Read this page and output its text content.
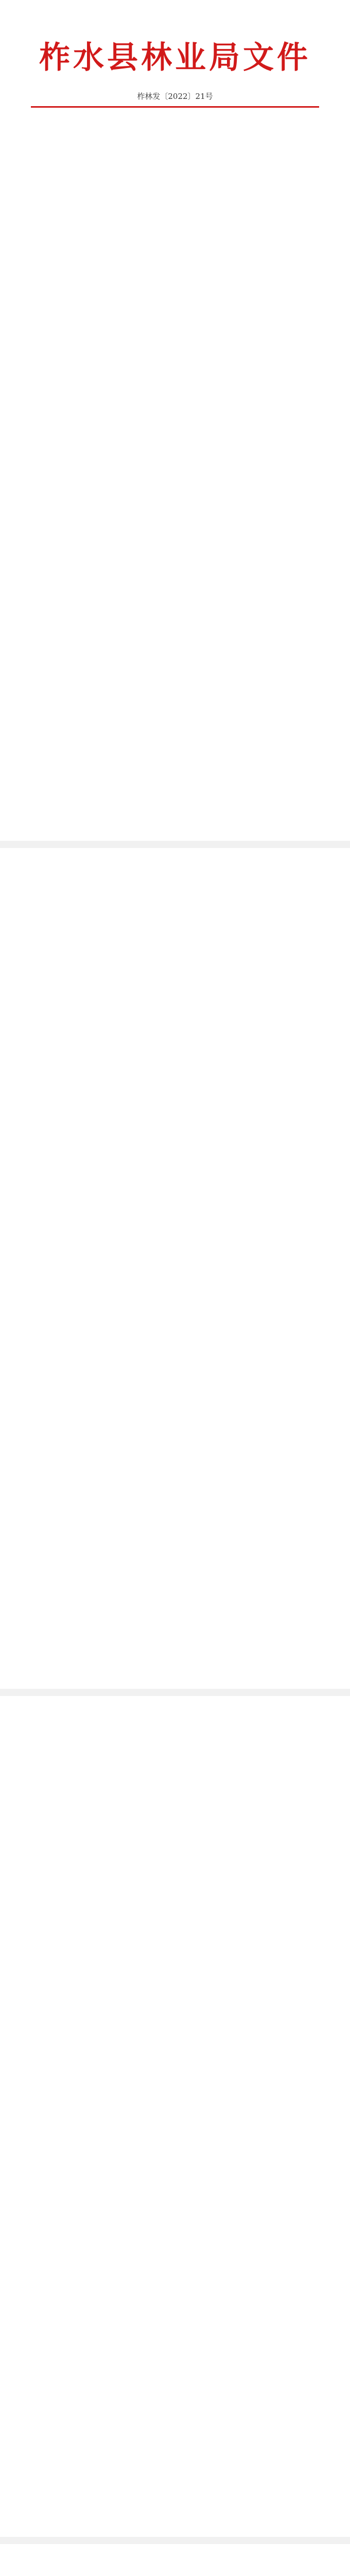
柞水县林业局文件
柞林发〔2022〕21号
